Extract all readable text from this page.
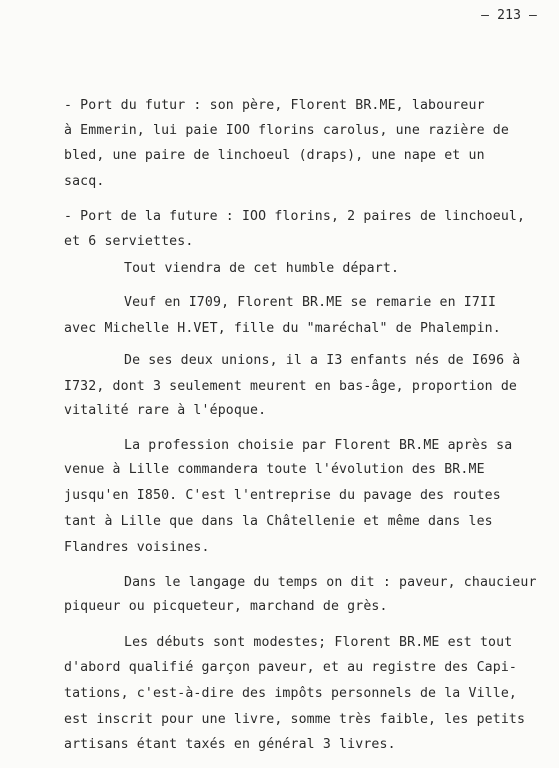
– 213 –
- Port du futur : son père, Florent BR.ME, laboureur
à Emmerin, lui paie IOO florins carolus, une razière de
bled, une paire de linchoeul (draps), une nape et un
sacq.
- Port de la future : IOO florins, 2 paires de linchoeul,
et 6 serviettes.
Tout viendra de cet humble départ.
Veuf en I709, Florent BR.ME se remarie en I7II
avec Michelle H.VET, fille du "maréchal" de Phalempin.
De ses deux unions, il a I3 enfants nés de I696 à
I732, dont 3 seulement meurent en bas-âge, proportion de
vitalité rare à l'époque.
La profession choisie par Florent BR.ME après sa
venue à Lille commandera toute l'évolution des BR.ME
jusqu'en I850. C'est l'entreprise du pavage des routes
tant à Lille que dans la Châtellenie et même dans les
Flandres voisines.
Dans le langage du temps on dit : paveur, chaucieur
piqueur ou picqueteur, marchand de grès.
Les débuts sont modestes; Florent BR.ME est tout
d'abord qualifié garçon paveur, et au registre des Capi-
tations, c'est-à-dire des impôts personnels de la Ville,
est inscrit pour une livre, somme très faible, les petits
artisans étant taxés en général 3 livres.
